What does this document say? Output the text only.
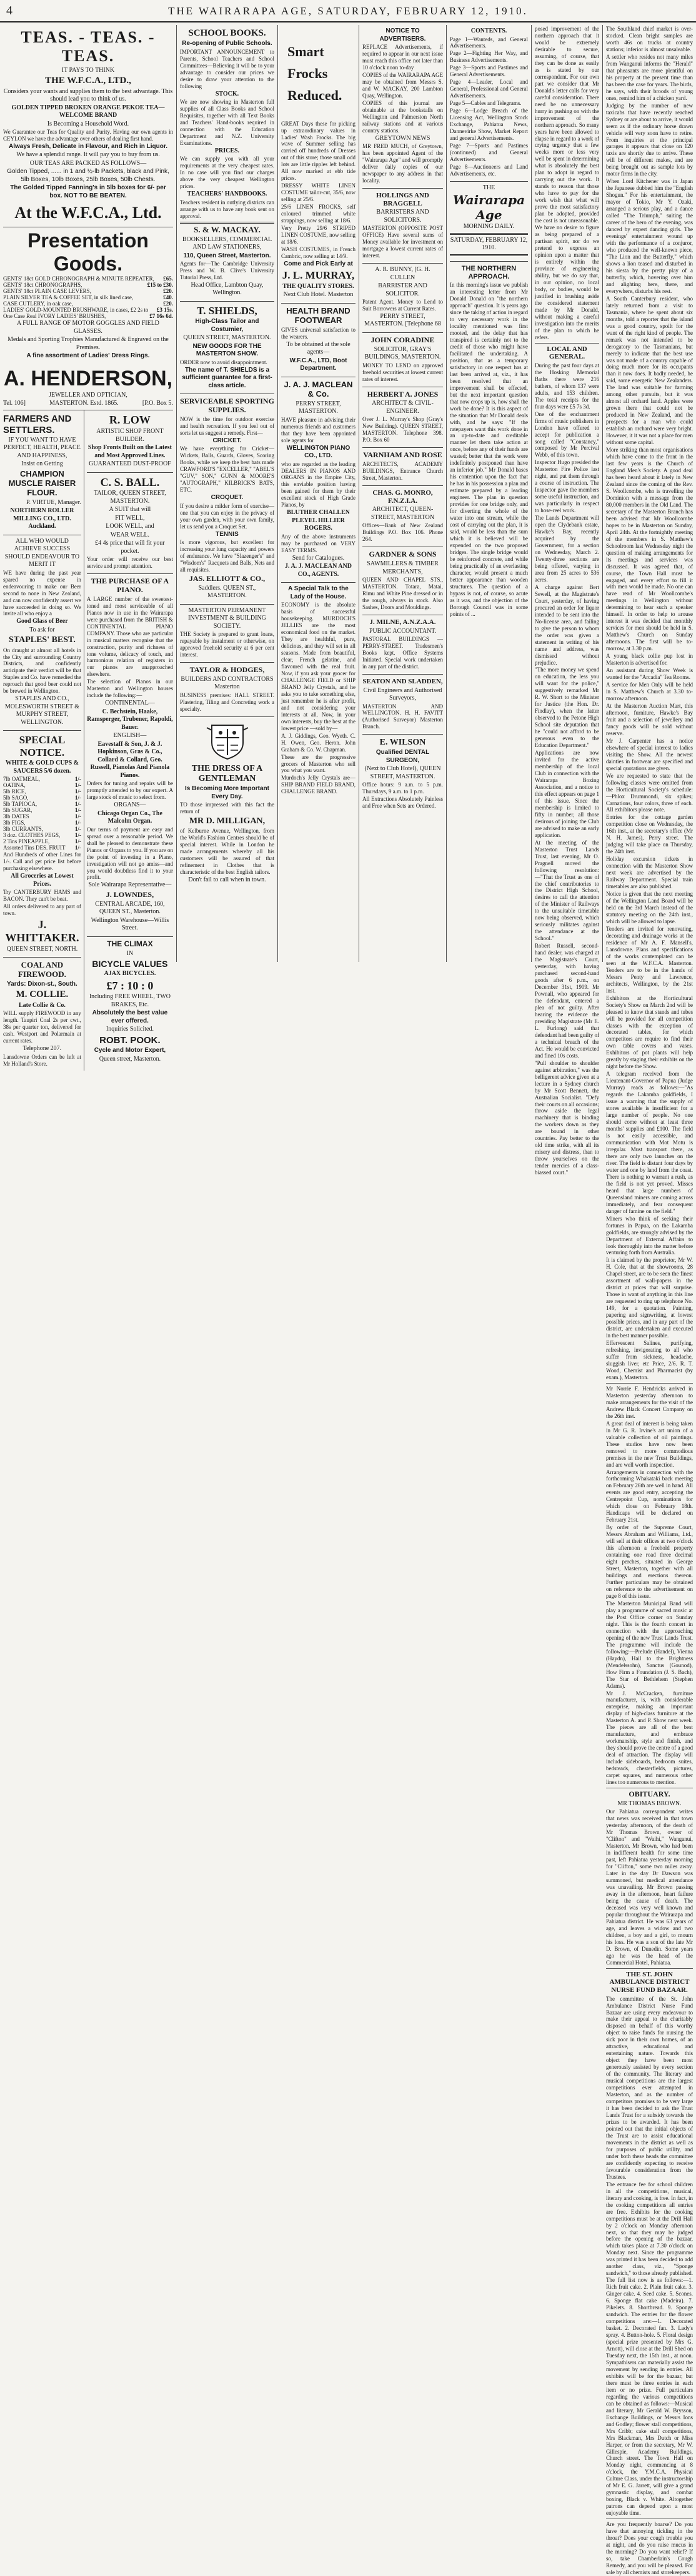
4	THE WAIRARAPA AGE, SATURDAY, FEBRUARY 12, 1910.
TEAS. - TEAS. - TEAS.
IT PAYS TO THINK
THE W.F.C.A., LTD.,
Considers your wants and supplies them to the best advantage. This should lead you to think of us.
GOLDEN TIPPED BROKEN ORANGE PEKOE TEA—WELCOME BRAND
Is Becoming a Household Word.
We Guarantee our Teas for Quality and Purity. Having our own agents in CEYLON we have the advantage over others of dealing first hand.
Always Fresh, Delicate in Flavour, and Rich in Liquor.
We have a splendid range. It will pay you to buy from us.
OUR TEAS ARE PACKED AS FOLLOWS—
Golden Tipped, ...... in 1 and ½-lb Packets, black and Pink, 5lb Boxes, 10lb Boxes, 25lb Boxes, 50lb Chests.
The Golded Tipped Fanning's in 5lb boxes for 6/- per box. NOT TO BE BEATEN.
At the W.F.C.A., Ltd.
Presentation Goods.
GENTS' 18ct GOLD CHRONOGRAPH & MINUTE REPEATER, £65.
GENTS' 18ct CHRONOGRAPHS,	£15 to £30.
GENTS' 18ct PLAIN CASE LEVERS,	£20.
PLAIN SILVER TEA & COFFEE SET, in silk lined case,	£40.
CASE CUTLERY, in oak case,	£20.
LADIES' GOLD-MOUNTED BRUSHWARE, in cases, £2 2s to £3 15s.
One Case Real IVORY LADIES' BRUSHES,	£7 16s 6d.
A FULL RANGE OF MOTOR GOGGLES AND FIELD GLASSES.
Medals and Sporting Trophies Manufactured & Engraved on the Premises.
A fine assortment of Ladies' Dress Rings.
A. HENDERSON,
JEWELLER AND OPTICIAN,
Tel. 106]	MASTERTON. Estd. 1865.	[P.O. Box 5.
FARMERS AND SETTLERS.
IF YOU WANT TO HAVE PERFECT, HEALTH, PEACE AND HAPPINESS,
Insist on Getting
CHAMPION MUSCLE RAISER FLOUR.
P. VIRTUE, Manager.
NORTHERN ROLLER MILLING CO., LTD. Auckland.
ALL WHO WOULD ACHIEVE SUCCESS SHOULD ENDEAVOUR TO MERIT IT
WE have during the past year spared no expense in endeavouring to make our Beer second to none in New Zealand, and can now confidently assert we have succeeded in doing so. We invite all who enjoy a
Good Glass of Beer
To ask for
STAPLES' BEST.
On draught at almost all hotels in the City and surrounding Country Districts, and confidently anticipate their verdict will be that Staples and Co. have remedied the reproach that good beer could not be brewed in Wellington.
STAPLES AND CO., MOLESWORTH STREET & MURPHY STREET, WELLINGTON.
SPECIAL NOTICE.
WHITE & GOLD CUPS & SAUCERS 5/6 dozen.
7lb OATMEAL,	1/-
OATINA,	1/-
5lb RICE,	1/-
5lb SAGO,	1/-
5lb TAPIOCA,	1/-
5lb SUGAR,	1/-
3lb DATES	1/-
3lb FIGS,	1/-
3lb CURRANTS,	1/-
3 doz. CLOTHES PEGS,	1/-
2 Tins PINEAPPLE,	1/-
Assorted Tins DES. FRUIT 1/-
And Hundreds of other Lines for 1/-. Call and get price list before purchasing elsewhere.
All Groceries at Lowest Prices.
Try CANTERBURY HAMS and BACON. They can't be beat.
All orders delivered to any part of town.
J. WHITTAKER.
QUEEN STREET, NORTH.
COAL AND FIREWOOD.
Yards: Dixon-st., South.
M. COLLIE.
Late Collie & Co.
WILL supply FIREWOOD in any length. Taupiri Coal 2s per cwt., 38s per quarter ton, delivered for cash. Westport and Polarmain at current rates.
Telephone 207.
Lansdowne Orders can be left at Mr Holland's Store.
R. LOW
ARTISTIC SHOP FRONT BUILDER.
Shop Fronts Built on the Latest and Most Approved Lines.
GUARANTEED DUST-PROOF
C. S. BALL.
TAILOR, QUEEN STREET, MASTERTON.
A SUIT that will
FIT WELL,
LOOK WELL, and
WEAR WELL.
£4 4s price that will fit your pocket.
Your order will receive our best service and prompt attention.
THE PURCHASE OF A PIANO.
A LARGE number of the sweetest-toned and most serviceable of all Pianos now in use in the Wairarapa were purchased from the BRITISH & CONTINENTAL PIANO COMPANY. Those who are particular in musical matters recognise that the construction, purity and richness of tone volume, delicacy of touch, and harmonious relation of registers in our pianos are unapproached elsewhere.
The selection of Pianos in our Masterton and Wellington houses include the following:—
CONTINENTAL—
C. Bechstein, Haake, Ramsperger, Trubener, Rapoldi, Bauer.
ENGLISH—
Eavestaff & Son, J. & J. Hopkinson, Gras & Co., Collard & Collard, Geo. Russell, Pianolas And Pianola Pianos.
Orders for tuning and repairs will be promptly attended to by our expert. A large stock of music to select from.
ORGANS—
Chicago Organ Co., The Malcolm Organ.
Our terms of payment are easy and spread over a reasonable period. We shall be pleased to demonstrate these Pianos or Organs to you. If you are on the point of investing in a Piano, investigation will not go amiss—and you would doubtless find it to your profit.
Sole Wairarapa Representative—
J. LOWNDES,
CENTRAL ARCADE, 160, QUEEN ST., Masterton.
Wellington Warehouse—Willis Street.
THE CLIMAX
IN
BICYCLE VALUES
AJAX BICYCLES.
£7 : 10 : 0
Including FREE WHEEL, TWO BRAKES, Etc.
Absolutely the best value ever offered.
Inquiries Solicited.
ROBT. POOK.
Cycle and Motor Expert,
Queen street, Masterton.
SCHOOL BOOKS.
Re-opening of Public Schools.
IMPORTANT ANNOUNCEMENT to Parents, School Teachers and School Committees—Believing it will be to your advantage to consider our prices we desire to draw your attention to the following
STOCK.
We are now showing in Masterton full supplies of all Class Books and School Requisites, together with all Text Books and Teachers' Hand-books required in connection with the Education Department and N.Z. University Examinations.
PRICES.
We can supply you with all your requirements at the very cheapest rates. In no case will you find our charges above the very cheapest Wellington prices.
TEACHERS' HANDBOOKS.
Teachers resident in outlying districts can arrange with us to have any book sent on approval.
S. & W. MACKAY.
BOOKSELLERS, COMMERCIAL AND LAW STATIONERS,
110, Queen Street, Masterton.
Agents for—The Cambridge University Press and W. B. Clive's University Tutorial Press, Ltd.
Head Office, Lambton Quay, Wellington.
T. SHIELDS,
High-Class Tailor and Costumier,
QUEEN STREET, MASTERTON.
NEW GOODS FOR THE MASTERTON SHOW.
ORDER now to avoid disappointment.
The name of T. SHIELDS is a sufficient guarantee for a first-class article.
SERVICEABLE SPORTING SUPPLIES.
NOW is the time for outdoor exercise and health recreation. If you feel out of sorts let us suggest a remedy. First—
CRICKET.
We have everything for Cricket—Wickets, Balls, Guards, Gloves, Scoring Books, while we keep the best bats made CRAWFORD'S "EXCELLER," "ABEL'S "GUV," SON," GUNN & MOORE'S "AUTOGRAPH," KILBRICK'S BATS, ETC.
CROQUET.
If you desire a milder form of exercise—one that you can enjoy in the privacy of your own garden, with your own family, let us send you a Croquet Set.
TENNIS
Is more vigorous, but excellent for increasing your lung capacity and powers of endurance. We have "Slazenger's" and "Wisdom's" Racquets and Balls, Nets and all requisites.
JAS. ELLIOTT & CO.,
Saddlers. QUEEN ST., MASTERTON.
MASTERTON PERMANENT INVESTMENT & BUILDING SOCIETY.
THE Society is prepared to grant loans, repayable by instalment or otherwise, on approved freehold security at 6 per cent interest.
TAYLOR & HODGES,
BUILDERS AND CONTRACTORS Masterton
BUSINESS premises: HALL STREET. Plastering, Tiling and Concreting work a specialty.
THE DRESS OF A GENTLEMAN
Is Becoming More Important Every Day.
TO those impressed with this fact the return of
MR D. MILLIGAN,
of Kelburne Avenue, Wellington, from the World's Fashion Centres should be of special interest. While in London he made arrangements whereby all his customers will be assured of that refinement in Clothes that is characteristic of the best English tailors.
Don't fail to call when in town.
Smart Frocks Reduced.
GREAT Days these for picking up extraordinary values in Ladies' Wash Frocks. The big wave of Summer selling has carried off hundreds of Dresses out of this store; those small odd lots are little ripples left behind. All now marked at ebb tide prices.
DRESSY WHITE LINEN COSTUME tailor-cut, 35/6, now selling at 25/6.
25/6 LINEN FROCKS, self coloured trimmed white strappings, now selling at 18/6.
Very Pretty 29/6 STRIPED LINEN COSTUME, now selling at 18/6.
WASH COSTUMES, in French Cambric, now selling at 14/9.
Come and Pick Early at
J. L. MURRAY,
THE QUALITY STORES.
Next Club Hotel. Masterton
HEALTH BRAND FOOTWEAR
GIVES universal satisfaction to the wearers.
To be obtained at the sole agents—
W.F.C.A., LTD, Boot Department.
J. A. J. MACLEAN & Co.
PERRY STREET, MASTERTON.
HAVE pleasure in advising their numerous friends and customers that they have been appointed sole agents for
WELLINGTON PIANO CO., LTD.
who are regarded as the leading DEALERS IN PIANOS AND ORGANS in the Empire City, this enviable position having been gained for them by their excellent stock of High Grade Pianos, by
BLUTHER CHALLEN PLEYEL HILLIER ROGERS.
Any of the above instruments may be purchased on VERY EASY TERMS.
Send for Catalogues.
J. A. J. MACLEAN AND CO., AGENTS.
A Special Talk to the Lady of the House.
ECONOMY is the absolute basis of successful housekeeping. MURDOCH'S JELLIES are the most economical food on the market. They are healthful, pure, delicious, and they will set in all seasons. Made from beautiful, clear, French gelatine, and flavoured with the real fruit. Now, if you ask your grocer for CHALLENGE FIELD or SHIP BRAND Jelly Crystals, and he asks you to take something else, just remember he is after profit, and not considering your interests at all. Now, in your own interests, buy the best at the lowest price —sold by—
A. J. Giddings, Geo. Wyeth. C. H. Owen, Geo. Heron. John Graham & Co. W. Chapman.
These are the progressive grocers of Masterton who sell you what you want.
Murdoch's Jelly Crystals are—SHIP BRAND FIELD BRAND, CHALLENGE BRAND.
NOTICE TO ADVERTISERS.
REPLACE Advertisements, if required to appear in our next issue must reach this office not later than 10 o'clock noon to-day
COPIES of the WAIRARAPA AGE may be obtained from Messrs S. and W. MACKAY, 200 Lambton Quay, Wellington.
COPIES of this journal are obtainable at the bookstalls on Wellington and Palmerston North railway stations and at various country stations.
GREYTOWN NEWS
MR FRED MUCH, of Greytown, has been appointed Agent of the "Wairarapa Age" and will promptly deliver daily copies of our newspaper to any address in that locality.
HOLLINGS AND BRAGGELL
BARRISTERS AND SOLICITORS.
MASTERTON (OPPOSITE POST OFFICE) Have several sums of Money available for investment on mortgage a lowest current rates of interest.
A. R. BUNNY, [G. H. CULLEN
BARRISTER AND SOLICITOR.
Patent Agent. Money to Lend to Suit Borrowers at Current Rates.
PERRY STREET, MASTERTON. [Telephone 68
JOHN CORADINE
SOLICITOR, GRAY'S BUILDINGS, MASTERTON.
MONEY TO LEND on approved freehold securities at lowest current rates of interest.
HERBERT A. JONES
ARCHITECT & CIVIL-ENGINEER.
Over J. L. Murray's Shop (Gray's New Building). QUEEN STREET, MASTERTON. Telephone 398. P.O. Box 60
VARNHAM AND ROSE
ARCHITECTS, ACADEMY BUILDINGS, Entrance Church Street, Masterton.
CHAS. G. MONRO, F.N.Z.I.A.
ARCHITECT, QUEEN-STREET, MASTERTON
Offices—Bank of New Zealand Buildings P.O. Box 106. Phone 264.
GARDNER & SONS
SAWMILLERS & TIMBER MERCHANTS,
QUEEN AND CHAPEL STS., MASTERTON. Totara, Matai, Rimu and White Pine dressed or in the rough, always in stock. Also Sashes, Doors and Mouldings.
J. MILNE, A.N.Z.A.A.
PUBLIC ACCOUNTANT.
PASTORAL BUILDINGS — PERRY-STREET. Tradesmen's Books kept. Office Systems Initiated. Special work undertaken in any part of the district.
SEATON AND SLADDEN,
Civil Engineers and Authorised Surveyors,
MASTERTON AND WELLINGTON. H. H. FAVITT (Authorised Surveyor) Masterton Branch.
E. WILSON
Qualified DENTAL SURGEON,
(Next to Club Hotel), QUEEN STREET, MASTERTON.
Office hours: 9 a.m. to 5 p.m. Thursdays, 9 a.m. to 1 p.m.
All Extractions Absolutely Painless and Free when Sets are Ordered.
CONTENTS.
Page 1—Wanteds, and General Advertisements.
Page 2—Fighting Her Way, and Business Advertisements.
Page 3—Sports and Pastimes and General Advertisements.
Page 4—Leader, Local and General, Professional and General Advertisements.
Page 5—Cables and Telegrams.
Page 6—Lodge Breach of the Licensing Act, Wellington Stock Exchange, Pahiatua News, Dannevirke Show, Market Report and general Advertisements.
Page 7—Sports and Pastimes (continued) and General Advertisements.
Page 8—Auctioneers and Land Advertisements, etc.
THE
Wairarapa Age
MORNING DAILY.
SATURDAY, FEBRUARY 12, 1910.
THE NORTHERN APPROACH.
In this morning's issue we publish an interesting letter from Mr Donald Donald on "the northern approach" question. It is years ago since the taking of action in regard to very necessary work in the locality mentioned was first mooted, and the delay that has transpired is certainly not to the credit of those who might have facilitated the undertaking. A position, that as a temporary satisfactory in one respect has at last been arrived at, viz., it has been resolved that an improvement shall be effected, but the next important question that now crops up is, how shall the work be done? It is this aspect of the situation that Mr Donald deals with, and he says: "If the ratepayers want this work done in an up-to-date and creditable manner let them take action at once, before any of their funds are wasted; better that the work were indefinitely postponed than have an inferior job." Mr Donald bases his contention upon the fact that he has in his possession a plan and estimate prepared by a leading engineer. The plan in question provides for one bridge only, and for diverting the whole of the water into one stream, while the cost of carrying out the plan, it is said, would be less than the sum which it is believed will be expended on the two proposed bridges. The single bridge would be reinforced concrete, and while being practically of an everlasting character, would present a much better appearance than wooden structures. The question of a bypass is not, of course, so acute as it was, and the objection of the Borough Council was in some points of ...
posed improvement of the northern approach that it would be extremely desirable to secure, assuming, of course, that they can be done as easily as is stated by our correspondent. For our own part we consider that Mr Donald's letter calls for very careful consideration. There need be no unnecessary hurry in pushing on with the improvement of the northern approach. So many years have been allowed to elapse in regard to a work of crying urgency that a few weeks more or less very well be spent in determining what is absolutely the best plan to adopt in regard to carrying out the work. It stands to reason that those who have to pay for the work wish that what will prove the most satisfactory plan be adopted, provided the cost is not unreasonable. We have no desire to figure as being prepared of a partisan spirit, nor do we pretend to express an opinion upon a matter that is entirely within the province of engineering ability, but we do say that, in our opinion, no local body, or bodies, would be justified in brushing aside the considered statement made by Mr Donald, without making a careful investigation into the merits of the plan to which he refers.
LOCAL AND GENERAL.
During the past four days at the Hosking Memorial Baths there were 216 bathers, of whom 137 were adults, and 153 children. The total receipts for the four days were £5 7s 3d.
One of the enchantment firms of music publishers in London have offered to accept for publication a song called "Constancy," composed by Mr Percival Webb, of this town.
Inspector Hugo presided the Masterton Fire Police last night, and put them through a course of instruction. The Inspector gave the members some useful instruction, and was particularly in respect to hose-reel work.
The Lands Department will open the Clydebank estate, Hawke's Bay, recently acquired by the Government, for a section on Wednesday, March 2. Twenty-three sections are being offered, varying in area from 25 acres to 536 acres.
A charge against Bert Sewell, at the Magistrate's Court, yesterday, of having procured an order for liquor intended to be sent into the No-license area, and failing to give the person to whom the order was given a statement in writing of his name and address, was dismissed without prejudice.
"The more money we spend on education, the less you will want for the police," suggestively remarked Mr R. W. Short to the Minister for Justice (the Hon. Dr. Findlay), when the latter observed to the Petone High School site deputation that he "could not afford to be generous even to the Education Department."
Applications are now invited for the active membership of the local Club in connection with the Wairarapa Boxing Association, and a notice to this effect appears on page 1 of this issue. Since the membership is limited to fifty in number, all those desirous of joining the Club are advised to make an early application.
At the meeting of the Masterton Trust Lands Trust, last evening, Mr O. Pragnell moved the following resolution:—"That the Trust as one of the chief contributories to the District High School, desires to call the attention of the Minister of Railways to the unsuitable timetable now being observed, which seriously militates against the attendance at the School."
Robert Russell, second-hand dealer, was charged at the Magistrate's Court, yesterday, with having purchased second-hand goods after 6 p.m., on December 31st, 1909. Mr Pownall, who appeared for the defendant, entered a plea of not guilty. After hearing the evidence the presiding Magistrate (Mr E. L. Furlong) said that defendant had been guilty of a technical breach of the Act. He would be convicted and fined 10s costs.
"Pull shoulder to shoulder against arbitration," was the belligerent advice given at a lecture in a Sydney church by Mr Scott Bennett, the Australian Socialist. "Defy their courts on all occasions; throw aside the legal machinery that is binding the workers down as they are bound in other countries. Pay better to the old time strike, with all its misery and distress, than to throw yourselves on the tender mercies of a class-biassed court."
The Southland chief market is over-stocked. Clean bright samples are worth 46s on trucks at country stations; inferior is almost unsaleable.
A settler who resides not many miles from Wanganui informs the "Herald" that pheasants are more plentiful on his property at the present time than has been the case for years. The birds, he says, with their broods of young ones, remind him of a chicken yard.
Judging by the number of new taxicabs that have recently reached Sydney or are about to arrive, it would seem as if the ordinary horse drawn vehicle will very soon have to retire. From inquiries at the principal garages it appears that close on 120 taxis are shortly due to arrive. These will be of different makes, and are being brought out as sample lots by motor firms in the city.
When Lord Kitchener was in Japan the Japanese dubbed him the "English Shogun." For his entertainment, the mayor of Tokio, Mr Y. Ozaki, arranged a serious play, and a dance called "The Triumph," suiting the career of the hero of the evening, was danced by expert dancing girls. The evenings' entertainment wound up with the performance of a conjuror, who produced the well-known piece, "The Lion and the Butterfly," which shows a lion teased and disturbed in his siesta by the pretty play of a butterfly, which, hovering over him and alighting here, there, and everywhere, disturbs his rest.
A South Canterbury resident, who lately returned from a visit to Tasmania, where he spent about six months, told a reporter that the island was a good country, spoilt for the want of the right kind of people. The remark was not intended to be derogatory to the Tasmanians, but merely to indicate that the best use was not made of a country capable of doing much more for its occupants than it now does. It badly needed, he said, some energetic New Zealanders. The land was suitable for farming among other pursuits, but it was almost all orchard land. Apples were grown there that could not be produced in New Zealand, and the prospects for a man who could establish an orchard were very bright. However, it it was not a place for men without some capital.
More striking than most organisations which have come to the front in the last few years is the Church of England Men's Society. A good deal has been heard about it lately in New Zealand since the coming of the Rev. S. Woollcombe, who is travelling the Dominion with a message from the 80,000 members in the Old Land. The secretary of the Masterton Branch has been advised that Mr Woollcombe hopes to be in Masterton on Sunday, April 24th. At the fortnightly meeting of the members in S. Matthew's Schoolroom last Wednesday night the question of making arrangements for its meetings and services was discussed. It was agreed that, of course, the Town Hall must be engaged, and every effort to fill it with men would be made. No one can have read of Mr Woollcombe's meetings in Wellington without determining to hear such a speaker himself. In order to help to arouse interest it was decided that monthly services for men should be held in S. Matthew's Church on Sunday afternoons. The first will be to-morrow, at 3.30 p.m.
A young black collie pup lost in Masterton is advertised for.
An assistant during Show Week is wanted for the "Arcadia" Tea Rooms.
A service for Men Only will be held in S. Matthew's Church at 3.30 to-morrow afternoon.
At the Masterton Auction Mart, this afternoon, furniture, Hawke's Bay fruit and a selection of jewellery and fancy goods will be sold without reserve.
Mr J. Carpenter has a notice elsewhere of special interest to ladies visiting the Show. All the newest dainties in footwear are specified and special quotations are given.
We are requested to state that the following classes were omitted from the Horticultural Society's schedule:—Phlox Drummondi, six spikes; Carnations, four colors, three of each. All exhibitors please note.
Entries for the cottage garden competition close on Wednesday, the 16th inst., at the secretary's office (Mr N. H. James), Perry street. The judging will take place on Thursday, the 24th inst.
Holiday excursion tickets in connection with the Masterton Show next week are advertised by the Railway Department. Special train timetables are also published.
Notice is given that the next meeting of the Wellington Land Board will be held on the 3rd March instead of the statutory meeting on the 24th inst., which will be allowed to lapse.
Tenders are invited for renovating, decorating and drainage works at the residence of Mr A. F. Mansell's, Lansdowne. Plans and specifications of the works contemplated can be seen at the W.F.C.A. Masterton. Tenders are to be in the hands of Messrs Penty and Lawrence, architects, Wellington, by the 21st inst.
Exhibitors at the Horticultural Society's Show on March 2nd will be pleased to know that stands and tubes will be provided for all competition classes with the exception of decorated tables, for which competitors are require to find their own table covers and vases. Exhibitors of pot plants will help greatly by staging their exhibits on the night before the Show.
A telegram received from the Lieutenant-Governor of Papua (Judge Murray) reads as follows:—"As regards the Lakamba goldfields, I issue a warning that the supply of stores available is insufficient for a large number of people. No one should come without at least three months' supplies and £100. The field is not easily accessible, and communication with Mot Motu is irregular. Must transport there, as there are only two launches on the river. The field is distant four days by water and one by land from the coast. There is nothing to warrant a rush, as the field is not yet proved. Misses heard that large numbers of Queensland miners are coming across immediately, and fear consequent danger of famine on the field."
Miners who think of seeking their fortunes in Papua, on the Lakamba goldfields, are strongly advised by the Department of External Affairs to look thoroughly into the matter before venturing forth from Australia.
It is claimed by the proprietor, Mr W. H. Cole, that at the showrooms, 28 Chapel street, are to be seen the finest assortment of wall-papers in the district at prices that will surprise. Those in want of anything in this line are requested to ring up telephone No. 149, for a quotation. Painting, papering and signwriting, at lowest possible prices, and in any part of the district, are undertaken and executed in the best manner possible.
Effervescent Salines, purifying, refreshing, invigorating to all who suffer from sickness, headache, sluggish liver, etc Price, 2/6. R. T. Wood, Chemist and Pharmacist (by exam.), Masterton.
Mr Norrie F. Hendricks arrived in Masterton yesterday afternoon to make arrangements for the visit of the Andrew Black Concert Company on the 26th inst.
A great deal of interest is being taken in Mr G. R. Irvine's art union of a valuable collection of oil paintings. These studios have now been removed to more commodious premises in the new Trust Buildings, and are well worth inspection.
Arrangements in connection with the forthcoming Whakataki back meeting on February 26th are well in hand. All events are good entry, accepting the Centrepoint Cup, nominations for which close on February 18th. Handicaps will be declared on February 21st.
By order of the Supreme Court, Messrs Abraham and Williams, Ltd., will sell at their offices at two o'clock this afternoon a freehold property containing one road three decimal eight perches, situated in George Street, Masterton, together with all buildings and erections thereon. Further particulars may be obtained on reference to the advertisement on page 8 of this issue.
The Masterton Municipal Band will play a programme of sacred music at the Post Office corner on Sunday night. This is the fourth concert in connection with the approaching opening of the new Trust Lands Trust. The programme will include the following:—Prelude (Handel), Vienna (Haydn), Hail to the Brightness (Mendelssohn), Sanctus (Gounod), How Firm a Foundation (J. S. Bach), The Star of Bethlehem (Stephen Adams).
Mr J. McCracken, furniture manufacturer, is, with considerable enterprise, making an important display of high-class furniture at the Masterton A. and P. Show next week. The pieces are all of the best manufacture, and embrace workmanship, style and finish, and they should prove the centre of a good deal of attraction. The display will include sideboards, bedroom suites, bedsteads, chesterfields, pictures, carpet squares, and numerous other lines too numerous to mention.
OBITUARY.
MR THOMAS BROWN.
Our Pahiatua correspondent writes that news was received in that town yesterday afternoon, of the death of Mr Thomas Brown, owner of "Clifton" and "Waihi," Wanganui, Masterton. Mr Brown, who had been in indifferent health for some time past, left Pahiatua yesterday morning for "Clifton," some two miles away. Later in the day Dr Dawson was summoned, but medical attendance was unavailing. Mr Brown passing away in the afternoon, heart failure being the cause of death. The deceased was very well known and popular throughout the Wairarapa and Pahiatua district. He was 63 years of age, and leaves a widow and two children, a boy and a girl, to mourn his loss. He was a son of the late Mr D. Brown, of Dunedin. Some years ago he was the head of the Commercial Hotel, Pahiatua.
THE ST. JOHN AMBULANCE DISTRICT NURSE FUND BAZAAR.
The committee of the St. John Ambulance District Nurse Fund Bazaar are using every endeavour to make their appeal to the charitably disposed on behalf of this worthy object to raise funds for nursing the sick poor in their own homes, of an attractive, educational and entertaining nature. Towards this object they have been most generously assisted by every section of the community. The literary and musical competitions are the largest competitions ever attempted in Masterton, and as the number of competitors promises to be very large it has been decided to ask the Trust Lands Trust for a subsidy towards the prizes to be awarded. It has been pointed out that the initial objects of the Trust are to assist educational movements in the district as well as for purposes of public utility, and under both these heads the committee are confidently expecting to receive favourable consideration from the Trustees.
The entrance fee for school children in all the competitions, musical, literary and cooking, is free. In fact, in the cooking competitions all entries are free. Exhibits for the cooking competitions must be at the Drill Hall by 2 o'clock on Monday afternoon next, so that they may be judged before the opening of the bazaar, which takes place at 7.30 o'clock on Monday next. Since the programme was printed it has been decided to add another class, viz., "Sponge sandwich," to those already published. The full list now is as follows:—1. Rich fruit cake. 2. Plain fruit cake. 3. Ginger cake. 4. Seed cake. 5. Scones. 6. Sponge flat cake (Madeira). 7. Pikelets. 8. Shortbread. 9. Sponge sandwich. The entries for the flower competitions are:—1. Decorated basket. 2. Decorated fan. 3. Lady's spray. 4. Button-hole. 5. Floral design (special prize presented by Mrs G. Arnott), will close at the Drill Shed on Tuesday next, the 15th inst., at noon. Sympathisers can materially assist the movement by sending in entries. All exhibits will be for the bazaar, but there must be three entries in each item or no prize. Full particulars regarding the various competitions can be obtained as follows:—Musical and literary, Mr Gerald W. Brysson, Exchange Buildings, or Messrs Ions and Godley; flower stall competitions, Mrs Cribb; cake stall competitions, Mrs Blackman, Mrs Dutch or Miss Harper, or from the secretary, Mr W. Gillespie, Academy Buildings, Church street. The Town Hall on Monday night, commencing at 8 o'clock, the Y.M.C.A. Physical Culture Class, under the instructorship of Mr E. G. Jarrett, will give a grand gymnastic display, and combat boxing, Black v. White. Altogether patrons can depend upon a most enjoyable time.
Are you frequently hoarse? Do you have that annoying tickling in the throat? Does your cough trouble you at night, and do you raise mucus in the morning? Do you want relief? If so, take Chamberlain's Cough Remedy, and you will be pleased. For sale by all chemists and storekeepers.
